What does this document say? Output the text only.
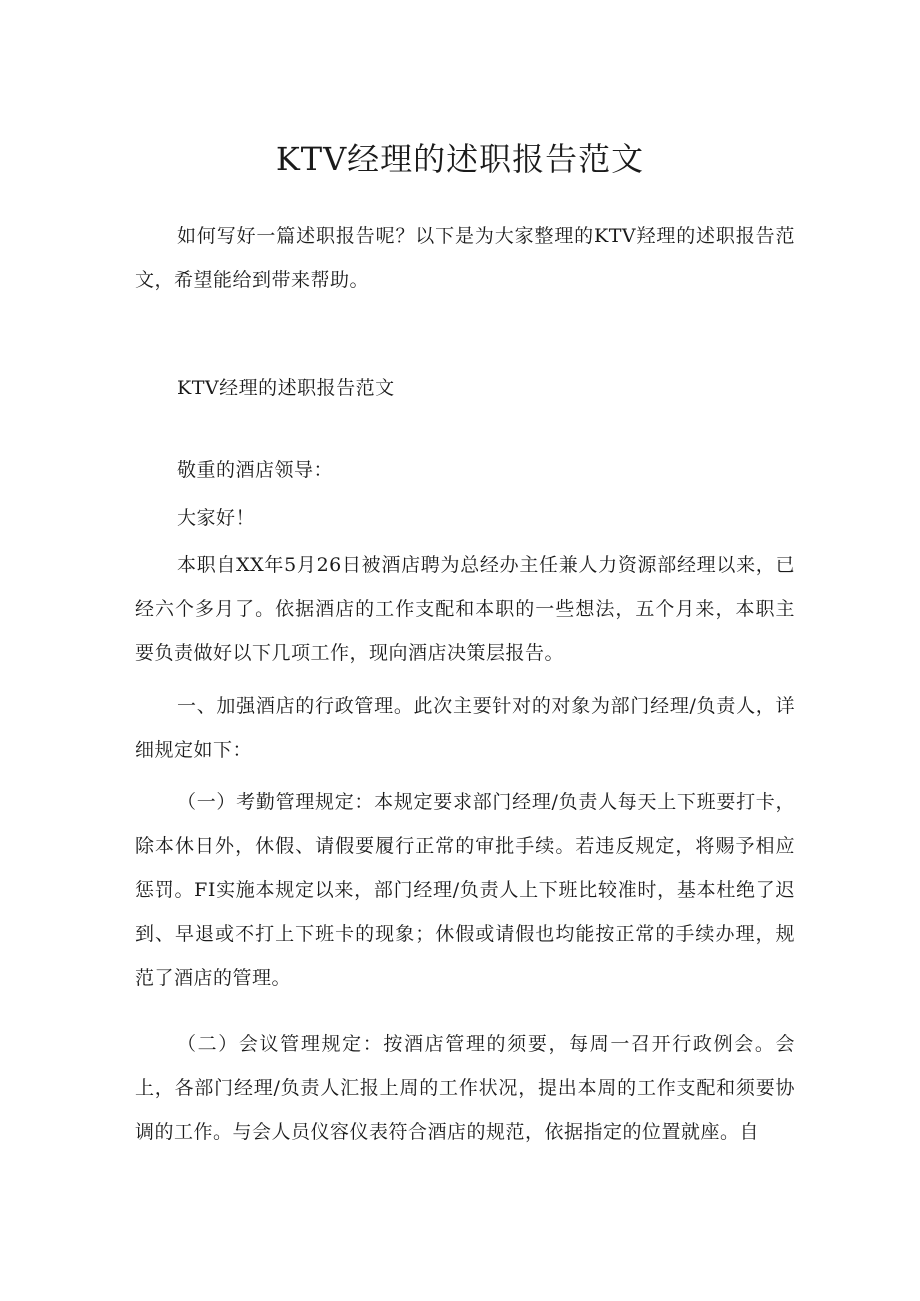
KTV经理的述职报告范文

如何写好一篇述职报告呢？以下是为大家整理的KTV羟理的述职报告范文，希望能给到带来帮助。

KTV经理的述职报告范文

敬重的酒店领导：

大家好！

本职自XX年5月26日被酒店聘为总经办主任兼人力资源部经理以来，已经六个多月了。依据酒店的工作支配和本职的一些想法，五个月来，本职主要负责做好以下几项工作，现向酒店决策层报告。

一、加强酒店的行政管理。此次主要针对的对象为部门经理/负责人，详细规定如下：

（一）考勤管理规定：本规定要求部门经理/负责人每天上下班要打卡，除本休日外，休假、请假要履行正常的审批手续。若违反规定，将赐予相应惩罚。FI实施本规定以来，部门经理/负责人上下班比较准时，基本杜绝了迟到、早退或不打上下班卡的现象；休假或请假也均能按正常的手续办理，规范了酒店的管理。

（二）会议管理规定：按酒店管理的须要，每周一召开行政例会。会上，各部门经理/负责人汇报上周的工作状况，提出本周的工作支配和须要协调的工作。与会人员仪容仪表符合酒店的规范，依据指定的位置就座。自
